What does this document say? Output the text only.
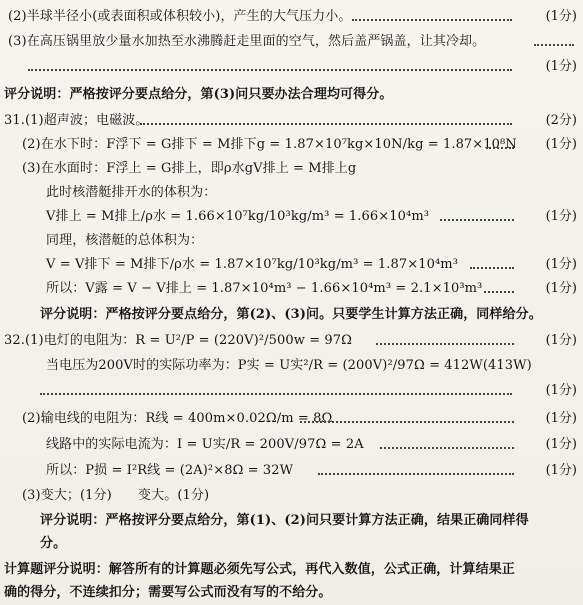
(2)半球半径小(或表面积或体积较小)，产生的大气压力小。	(1分)
(3)在高压锅里放少量水加热至水沸腾赶走里面的空气，然后盖严锅盖，让其冷却。
(1分)
评分说明：严格按评分要点给分，第(3)问只要办法合理均可得分。
31.(1)超声波；电磁波。	(2分)
(2)在水下时：F浮下 = G排下 = M排下g = 1.87×10⁷kg×10N/kg = 1.87×10⁸N (1分)
(3)在水面时：F浮上 = G排上，即ρ水gV排上 = M排上g
此时核潜艇排开水的体积为：
V排上 = M排上/ρ水 = 1.66×10⁷kg/10³kg/m³ = 1.66×10⁴m³	(1分)
同理，核潜艇的总体积为：
V = V排下 = M排下/ρ水 = 1.87×10⁷kg/10³kg/m³ = 1.87×10⁴m³	(1分)
所以：V露 = V − V排上 = 1.87×10⁴m³ − 1.66×10⁴m³ = 2.1×10³m³	(1分)
评分说明：严格按评分要点给分，第(2)、(3)问。只要学生计算方法正确，同样给分。
32.(1)电灯的电阻为：R = U²/P = (220V)²/500w = 97Ω	(1分)
当电压为200V时的实际功率为：P实 = U实²/R = (200V)²/97Ω = 412W(413W)
(1分)
(2)输电线的电阻为：R线 = 400m×0.02Ω/m = 8Ω	(1分)
线路中的实际电流为：I = U实/R = 200V/97Ω = 2A	(1分)
所以：P损 = I²R线 = (2A)²×8Ω = 32W	(1分)
(3)变大；(1分)　　变大。(1分)
评分说明：严格按评分要点给分，第(1)、(2)问只要计算方法正确，结果正确同样得
分。
计算题评分说明：解答所有的计算题必须先写公式，再代入数值，公式正确，计算结果正
确的得分，不连续扣分；需要写公式而没有写的不给分。
